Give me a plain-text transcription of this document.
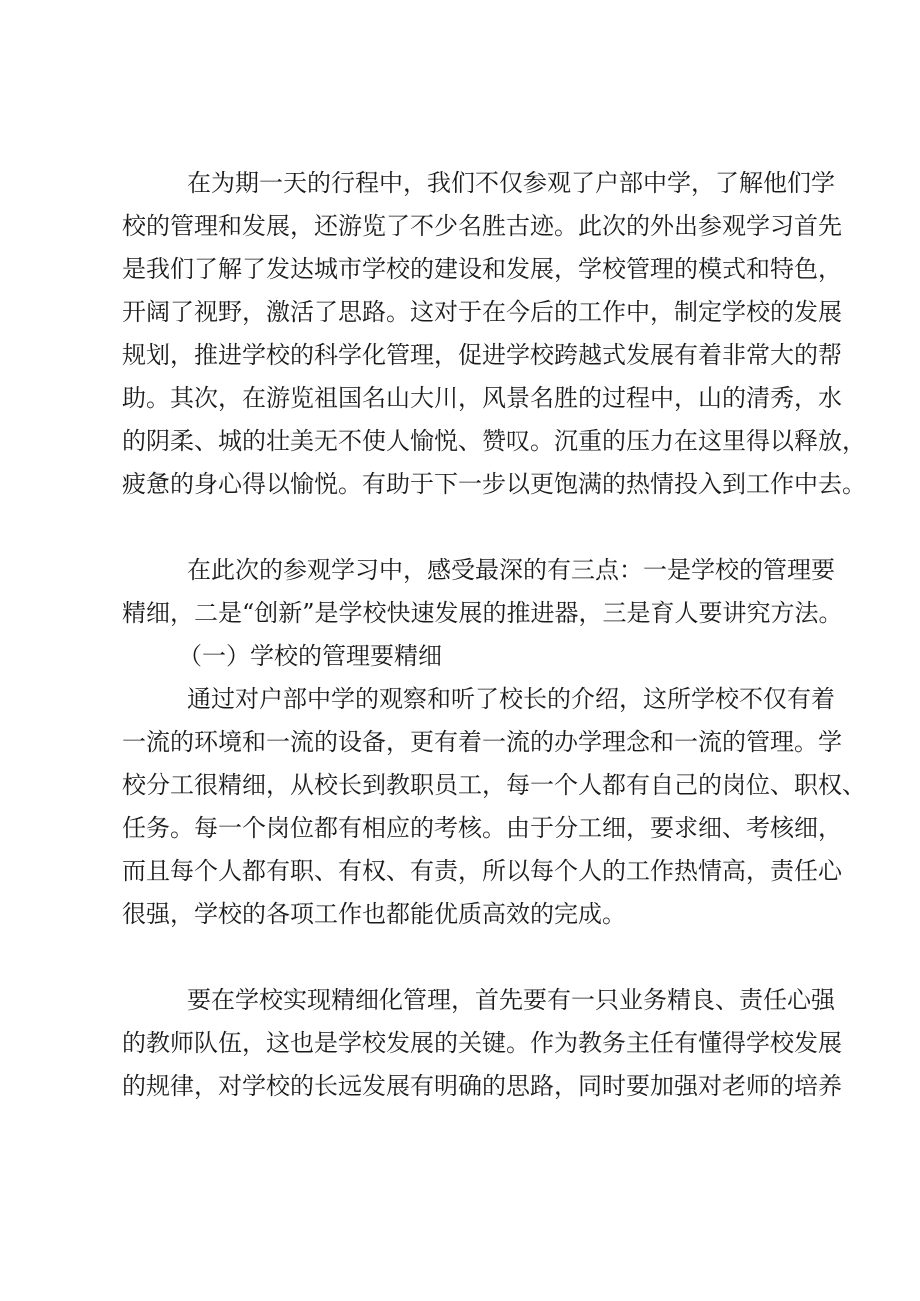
在为期一天的行程中，我们不仅参观了户部中学，了解他们学
校的管理和发展，还游览了不少名胜古迹。此次的外出参观学习首先
是我们了解了发达城市学校的建设和发展，学校管理的模式和特色，
开阔了视野，激活了思路。这对于在今后的工作中，制定学校的发展
规划，推进学校的科学化管理，促进学校跨越式发展有着非常大的帮
助。其次，在游览祖国名山大川，风景名胜的过程中，山的清秀，水
的阴柔、城的壮美无不使人愉悦、赞叹。沉重的压力在这里得以释放，
疲惫的身心得以愉悦。有助于下一步以更饱满的热情投入到工作中去。
在此次的参观学习中，感受最深的有三点：一是学校的管理要
精细，二是“创新”是学校快速发展的推进器，三是育人要讲究方法。
（一）学校的管理要精细
通过对户部中学的观察和听了校长的介绍，这所学校不仅有着
一流的环境和一流的设备，更有着一流的办学理念和一流的管理。学
校分工很精细，从校长到教职员工，每一个人都有自己的岗位、职权、
任务。每一个岗位都有相应的考核。由于分工细，要求细、考核细，
而且每个人都有职、有权、有责，所以每个人的工作热情高，责任心
很强，学校的各项工作也都能优质高效的完成。
要在学校实现精细化管理，首先要有一只业务精良、责任心强
的教师队伍，这也是学校发展的关键。作为教务主任有懂得学校发展
的规律，对学校的长远发展有明确的思路，同时要加强对老师的培养
